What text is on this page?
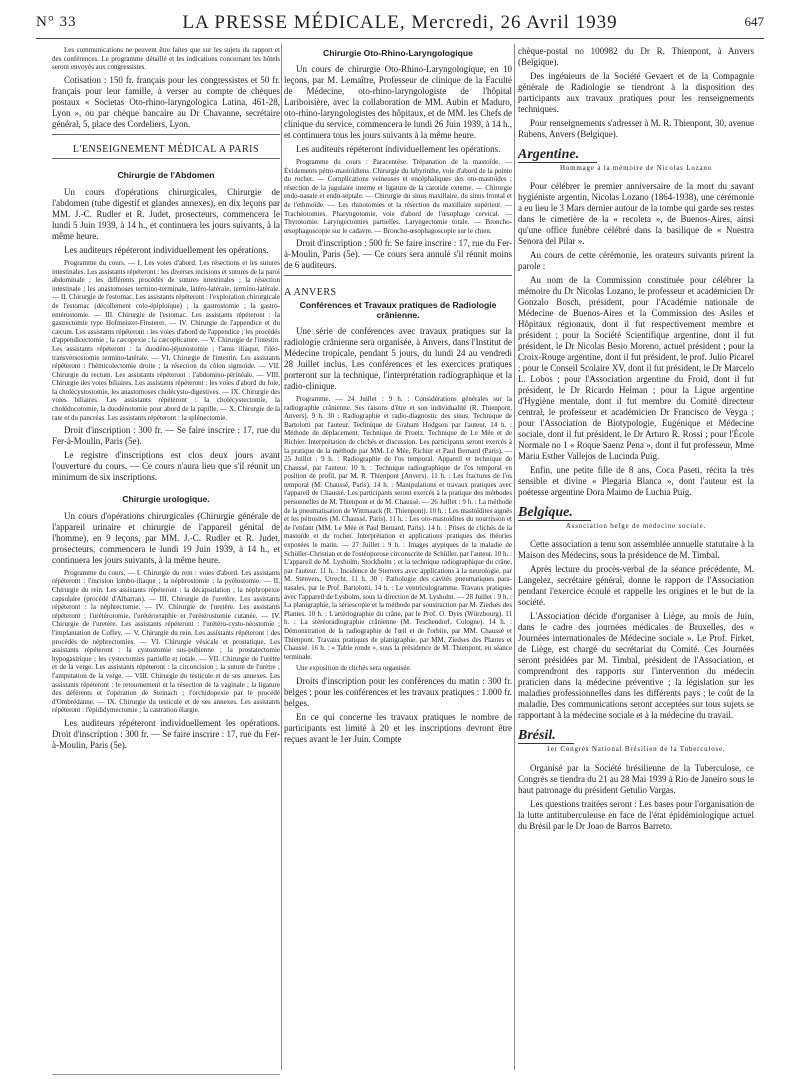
N° 33	LA PRESSE MÉDICALE, Mercredi, 26 Avril 1939	647

Les communications ne peuvent être faites que sur les sujets du rapport et des conférences. Le programme détaillé et les indications concernant les hôtels seront envoyés aux congressistes.

Cotisation : 150 fr. français pour les congressistes et 50 fr. français pour leur famille, à verser au compte de chèques postaux « Societas Oto-rhino-laryngologica Latina, 461-28, Lyon », ou par chèque bancaire au Dr Chavanne, secrétaire général, 5, place des Cordeliers, Lyon.

L'ENSEIGNEMENT MÉDICAL A PARIS
Chirurgie de l'Abdomen

Un cours d'opérations chirurgicales, Chirurgie de l'abdomen (tube digestif et glandes annexes), en dix leçons par MM. J.-C. Rudler et R. Judet, prosecteurs, commencera le lundi 5 Juin 1939, à 14 h., et continuera les jours suivants, à la même heure.

Les auditeurs répéteront individuellement les opérations.

Programme du cours. — I. Les voies d'abord. Les résections et les sutures intestinales. Les assistants répéteront : les diverses incisions et sutures de la paroi abdominale ; les différents procédés de sutures intestinales ; la résection intestinale ; les anastomoses termino-terminale, latéro-latérale, termino-latérale. — II. Chirurgie de l'estomac. Les assistants répéteront : l'exploration chirurgicale de l'estomac (décollement colo-épiploïque) ; la gastrostomie ; la gastro-entérostomie. — III. Chirurgie de l'estomac. Les assistants répéteront : la gastrectomie type Hofmeister-Finsterer. — IV. Chirurgie de l'appendice et du cæcum. Les assistants répéteront : les voies d'abord de l'appendice ; les procédés d'appendicectomie ; la cæcopexie ; la cæcoplicature. — V. Chirurgie de l'intestin. Les assistants répéteront : la duodéno-jéjunostomie ; l'anus iliaque, l'iléo-transversostomie termino-latérale. — VI. Chirurgie de l'intestin. Les assistants répéteront : l'hémicolectomie droite ; la résection du côlon sigmoïde. — VII. Chirurgie du rectum. Les assistants répéteront : l'abdomino-périnéale. — VIII. Chirurgie des voies biliaires. Les assistants répéteront : les voies d'abord du foie, la cholécystostomie, les anastomoses cholécysto-digestives. — IX. Chirurgie des voies biliaires. Les assistants répéteront : la cholécystectomie, la cholédocotomie, la duodénotomie pour abord de la papille. — X. Chirurgie de la rate et du pancréas. Les assistants répéteront : la splénectomie.

Droit d'inscription : 300 fr. — Se faire inscrire : 17, rue du Fer-à-Moulin, Paris (5e).

Le registre d'inscriptions est clos deux jours avant l'ouverture du cours. — Ce cours n'aura lieu que s'il réunit un minimum de six inscriptions.

Chirurgie urologique.

Un cours d'opérations chirurgicales (Chirurgie générale de l'appareil urinaire et chirurgie de l'appareil génital de l'homme), en 9 leçons, par MM. J.-C. Rudler et R. Judet, prosecteurs, commencera le lundi 19 Juin 1939, à 14 h., et continuera les jours suivants, à la même heure.

Programme du cours. — I. Chirurgie du rein : voies d'abord. Les assistants répéteront : l'incision lombo-iliaque ; la néphrostomie ; la pyélostomie. — II. Chirurgie du rein. Les assistants répéteront : la décapsulation ; la néphropexie capsulaire (procédé d'Albarran). — III. Chirurgie de l'uretère. Les assistants répéteront : la néphrectomie. — IV. Chirurgie de l'uretère. Les assistants répéteront : l'urétérotomie, l'urétérorraphie et l'urétérostomie cutanée. — IV. Chirurgie de l'uretère. Les assistants répéteront : l'urétéro-cysto-néostomie ; l'implantation de Coffey. — V. Chirurgie du rein. Les assistants répéteront : des procédés de néphrectomies. — VI. Chirurgie vésicale et prostatique. Les assistants répéteront : la cystostomie sus-pubienne ; la prostatectomie hypogastrique ; les cystectomies partielle et totale. — VII. Chirurgie de l'urètre et de la verge. Les assistants répéteront : la circoncision ; la suture de l'urètre ; l'amputation de la verge. — VIII. Chirurgie du testicule et de ses annexes. Les assistants répéteront : le retournement et la résection de la vaginale ; la ligature des déférents et l'opération de Steinach ; l'orchidopexie par le procédé d'Ombrédanne. — IX. Chirurgie du testicule et de ses annexes. Les assistants répéteront : l'épididymectomie ; la castration élargie.

Les auditeurs répéteront individuellement les opérations. Droit d'inscription : 300 fr. — Se faire inscrire : 17, rue du Fer-à-Moulin, Paris (5e).

Chirurgie Oto-Rhino-Laryngologique

Un cours de chirurgie Oto-Rhino-Laryngologique, en 10 leçons, par M. Lemaître, Professeur de clinique de la Faculté de Médecine, oto-rhino-laryngologiste de l'hôpital Lariboisière, avec la collaboration de MM. Aubin et Maduro, oto-rhino-laryngologistes des hôpitaux, et de MM. les Chefs de clinique du service, commencera le lundi 26 Juin 1939, à 14 h., et continuera tous les jours suivants à la même heure.

Les auditeurs répéteront individuellement les opérations.

Programme du cours : Paracentèse. Trépanation de la mastoïde. — Évidements pétro-mastoïdiens. Chirurgie du labyrinthe, voie d'abord de la pointe du rocher. — Complications veineuses et encéphaliques des oto-mastoïdes ; résection de la jugulaire interne et ligature de la carotide externe. — Chirurgie endo-nasale et endo-septale. — Chirurgie du sinus maxillaire, du sinus frontal et de l'ethmoïde. — Les rhinotomies et la résection du maxillaire supérieur. — Trachéotomies. Pharyngotomie, voie d'abord de l'œsophage cervical. — Thyrotomie. Laryngectomies partielles. Laryngectomie totale. — Broncho-œsophagoscopie sur le cadavre. — Broncho-œsophagoscopie sur le chien.

Droit d'inscription : 500 fr. Se faire inscrire : 17, rue du Fer-à-Moulin, Paris (5e). — Ce cours sera annulé s'il réunit moins de 6 auditeurs.

A ANVERS
Conférences et Travaux pratiques de Radiologie crânienne.

Une série de conférences avec travaux pratiques sur la radiologie crânienne sera organisée, à Anvers, dans l'Institut de Médecine tropicale, pendant 5 jours, du lundi 24 au vendredi 28 Juillet inclus. Les conférences et les exercices pratiques porteront sur la technique, l'interprétation radiographique et la radio-clinique.

Programme. — 24 Juillet : 9 h. : Considérations générales sur la radiographie crânienne. Ses raisons d'être et son individualité (R. Thienpont, Anvers). 9 h. 30 : Radiographie et radio-diagnostic des sinus. Technique de Bartolotti par l'auteur. Technique de Graham Hodgson par l'auteur. 14 h. : Méthode de déplacement. Technique de Proetz. Technique de Le Mée et de Richier. Interprétation de clichés et discussion. Les participants seront exercés à la pratique de la méthode par MM. Le Mée, Richier et Paul Bernard (Paris). — 25 Juillet : 9 h. : Radiographie de l'os temporal. Appareil et technique de Chaussé, par l'auteur. 10 h. : Technique radiographique de l'os temporal en position de profil, par M. R. Thienpont (Anvers). 11 h. : Les fractures de l'os temporal (M. Chaussé, Paris). 14 h. : Manipulations et travaux pratiques avec l'appareil de Chaussé. Les participants seront exercés à la pratique des méthodes personnelles de M. Thienpont et de M. Chaussé. — 26 Juillet : 9 h. : La méthode de la pneumatisation de Wittmaack (R. Thienpont). 10 h. : Les mastoïdites aiguës et les pétrosites (M. Chaussé, Paris). 11 h. : Les oto-mastoïdites du nourrisson et de l'enfant (MM. Le Mée et Paul Bernard, Paris). 14 h. : Prises de clichés de la mastoïde et du rocher. Interprétation et applications pratiques des théories exposées le matin. — 27 Juillet : 9 h. : Images atypiques de la maladie de Schüller-Christian et de l'ostéoporose circonscrite de Schüller, par l'auteur. 10 h. : L'appareil de M. Lysholm, Stockholm ; et la technique radiographique du crâne, par l'auteur. 11 h. : Incidence de Stenvers avec applications à la neurologie, par M. Stenvers, Utrecht. 11 h. 30 : Pathologie des cavités pneumatiques para-nasales, par le Prof. Bartolotti, 14 h. : Le ventriculogramme. Travaux pratiques avec l'appareil de Lysholm, sous la direction de M. Lysholm. — 28 Juillet : 9 h. : La planigraphie, la sériescopie et la méthode par soustraction par M. Ziedses des Plantes. 10 h. : L'artériographie du crâne, par le Prof. O. Dyes (Würzbourg). 11 h. : La stéréoradiographie crânienne (M. Teschendorf, Cologne). 14 h. : Démonstration de la radiographie de l'œil et de l'orbite, par MM. Chaussé et Thienpont. Travaux pratiques de planigraphie, par MM. Ziedses des Plantes et Chaussé. 16 h. : « Table ronde », sous la présidence de M. Thienpont, en séance terminale.

Une exposition de clichés sera organisée.

Droits d'inscription pour les conférences du matin : 300 fr. belges ; pour les conférences et les travaux pratiques : 1.000 fr. belges.

En ce qui concerne les travaux pratiques le nombre de participants est limité à 20 et les inscriptions devront être reçues avant le 1er Juin. Compte

chèque-postal no 100982 du Dr R. Thienpont, à Anvers (Belgique).

Des ingénieurs de la Société Gevaert et de la Compagnie générale de Radiologie se tiendront à la disposition des participants aux travaux pratiques pour les renseignements techniques.

Pour renseignements s'adresser à M. R. Thienpont, 30, avenue Rubens, Anvers (Belgique).

Argentine.
Hommage a la mémoire de Nicolas Lozano

Pour célébrer le premier anniversaire de la mort du savant hygiéniste argentin, Nicolas Lozano (1864-1938), une cérémonie a eu lieu le 3 Mars dernier autour de la tombe qui garde ses restes dans le cimetière de la « recoleta », de Buenos-Aires, ainsi qu'une office funèbre célébré dans la basilique de « Nuestra Senora del Pilar ».

Au cours de cette cérémonie, les orateurs suivants prirent la parole :

Au nom de la Commission constituée pour célébrer la mémoire du Dr Nicolas Lozano, le professeur et académicien Dr Gonzalo Bosch, président, pour l'Académie nationale de Médecine de Buenos-Aires et la Commission des Asiles et Hôpitaux régionaux, dont il fut respectivement membre et président ; pour la Société Scientifique argentine, dont il fut président, le Dr Nicolas Besio Moreno, actuel président ; pour la Croix-Rouge argentine, dont il fut président, le prof. Julio Picarel ; pour le Conseil Scolaire XV, dont il fut président, le Dr Marcelo L. Lobos ; pour l'Association argentine du Froid, dont il fut président, le Dr Ricardo Helman ; pour la Ligue argentine d'Hygiène mentale, dont il fut membre du Comité directeur central, le professeur et académicien Dr Francisco de Veyga ; pour l'Association de Biotypologie, Eugénique et Médecine sociale, dont il fut président, le Dr Arturo R. Rossi ; pour l'École Normale no 1 « Roque Saenz Pena », dont il fut professeur, Mme Maria Esther Vallejos de Lucinda Puig.

Enfin, une petite fille de 8 ans, Coca Paseti, récita la très sensible et divine « Plegaria Blanca », dont l'auteur est la poétesse argentine Dora Maimo de Luchia Puig.

Belgique.
Association belge de médecine sociale.

Cette association a tenu son assemblée annuelle statutaire à la Maison des Médecins, sous la présidence de M. Timbal.

Après lecture du procès-verbal de la séance précédente, M. Langelez, secrétaire général, donne le rapport de l'Association pendant l'exercice écoulé et rappelle les origines et le but de la société.

L'Association décide d'organiser à Liège, au mois de Juin, dans le cadre des journées médicales de Bruxelles, des « Journées internationales de Médecine sociale ». Le Prof. Firket, de Liège, est chargé du secrétariat du Comité. Ces Journées seront présidées par M. Timbal, président de l'Association, et comprendront des rapports sur l'intervention du médecin praticien dans la médecine préventive ; la législation sur les maladies professionnelles dans les différents pays ; le coût de la maladie. Des communications seront acceptées sur tous sujets se rapportant à la médecine sociale et à la médecine du travail.

Brésil.
1er Congrès National Brésilien de la Tuberculose.

Organisé par la Société brésilienne de la Tuberculose, ce Congrès se tiendra du 21 au 28 Mai 1939 à Rio de Janeiro sous le haut patronage du président Getulio Vargas.

Les questions traitées seront : Les bases pour l'organisation de la lutte antituberculeuse en face de l'état épidémiologique actuel du Brésil par le Dr Joao de Barros Barreto.
